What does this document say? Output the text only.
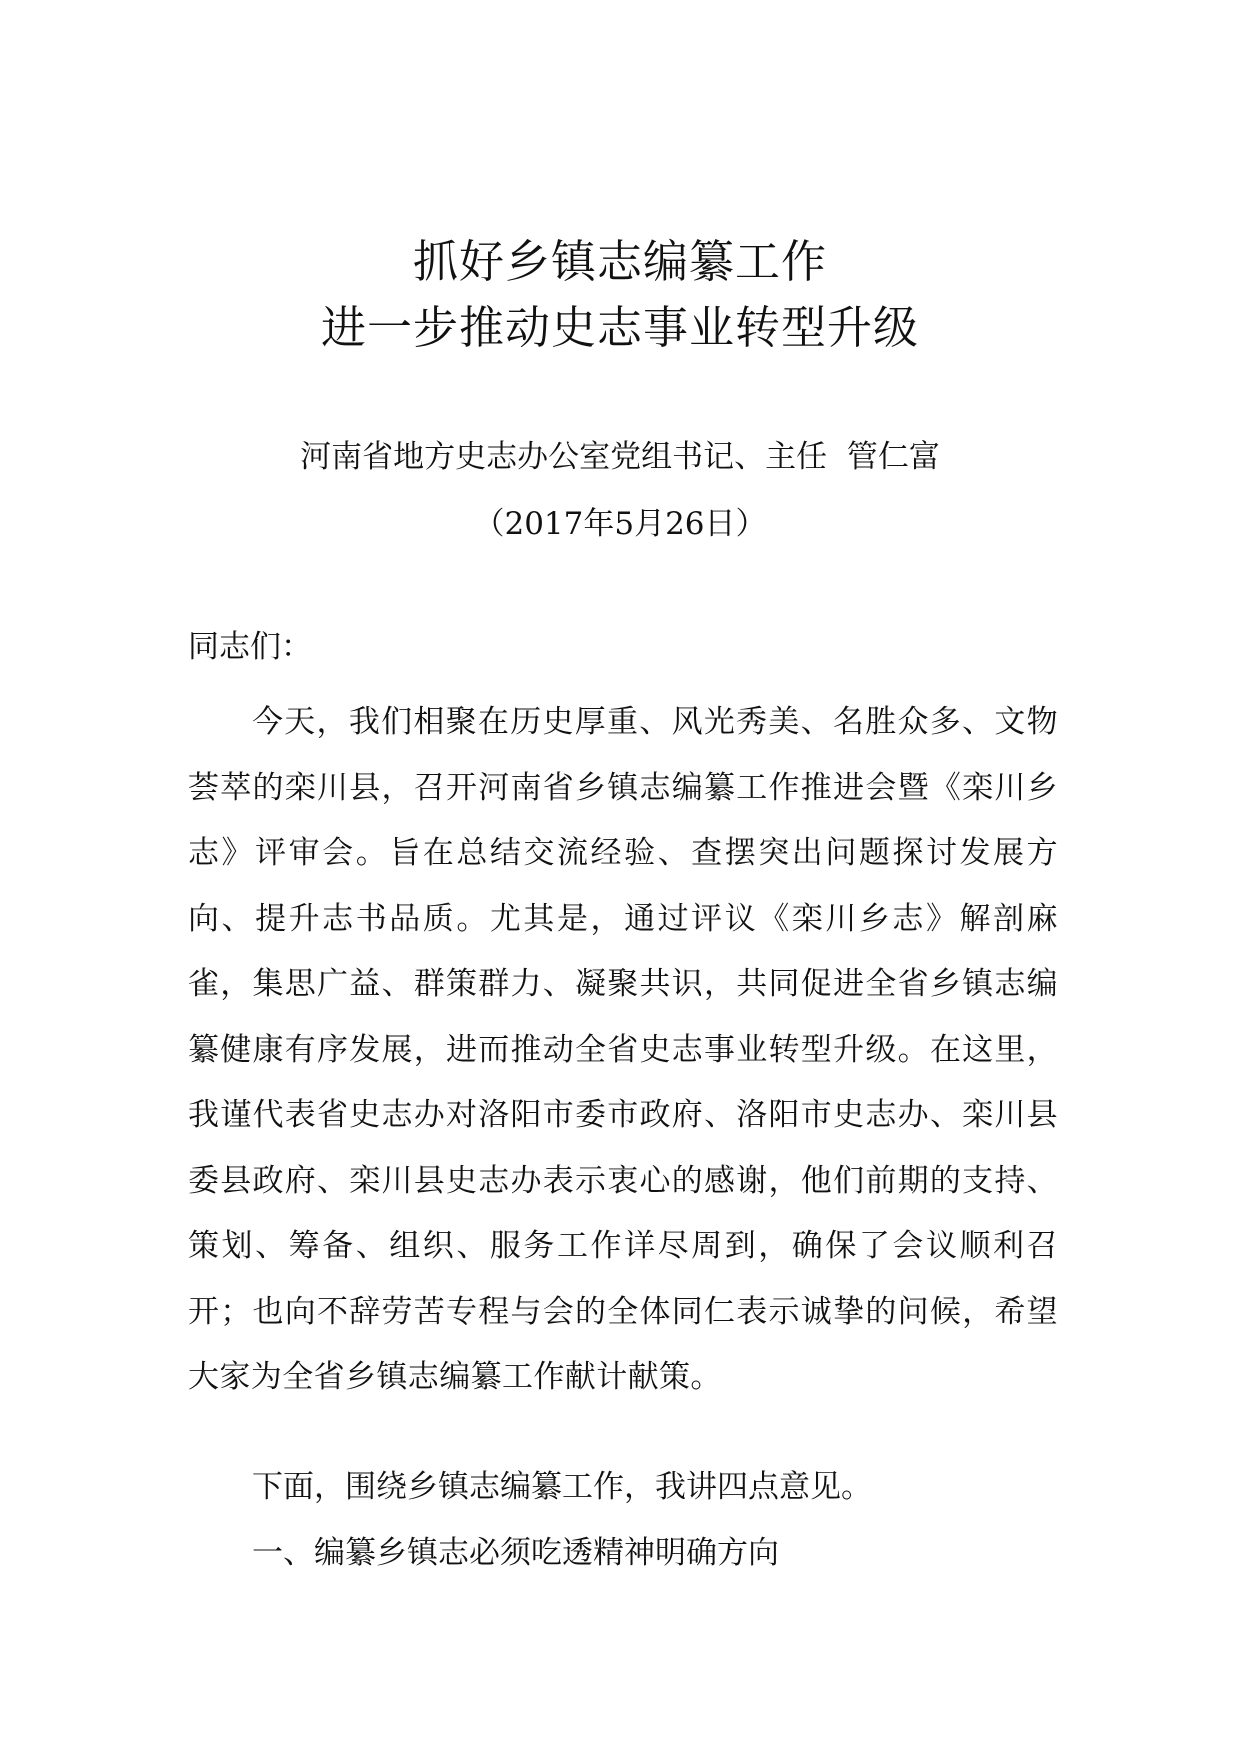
抓好乡镇志编纂工作
进一步推动史志事业转型升级
河南省地方史志办公室党组书记、主任  管仁富
（2017年5月26日）
同志们：
今天，我们相聚在历史厚重、风光秀美、名胜众多、文物荟萃的栾川县，召开河南省乡镇志编纂工作推进会暨《栾川乡志》评审会。旨在总结交流经验、查摆突出问题探讨发展方向、提升志书品质。尤其是，通过评议《栾川乡志》解剖麻雀，集思广益、群策群力、凝聚共识，共同促进全省乡镇志编纂健康有序发展，进而推动全省史志事业转型升级。在这里，我谨代表省史志办对洛阳市委市政府、洛阳市史志办、栾川县委县政府、栾川县史志办表示衷心的感谢，他们前期的支持、策划、筹备、组织、服务工作详尽周到，确保了会议顺利召开；也向不辞劳苦专程与会的全体同仁表示诚挚的问候，希望大家为全省乡镇志编纂工作献计献策。
下面，围绕乡镇志编纂工作，我讲四点意见。
一、编纂乡镇志必须吃透精神明确方向
